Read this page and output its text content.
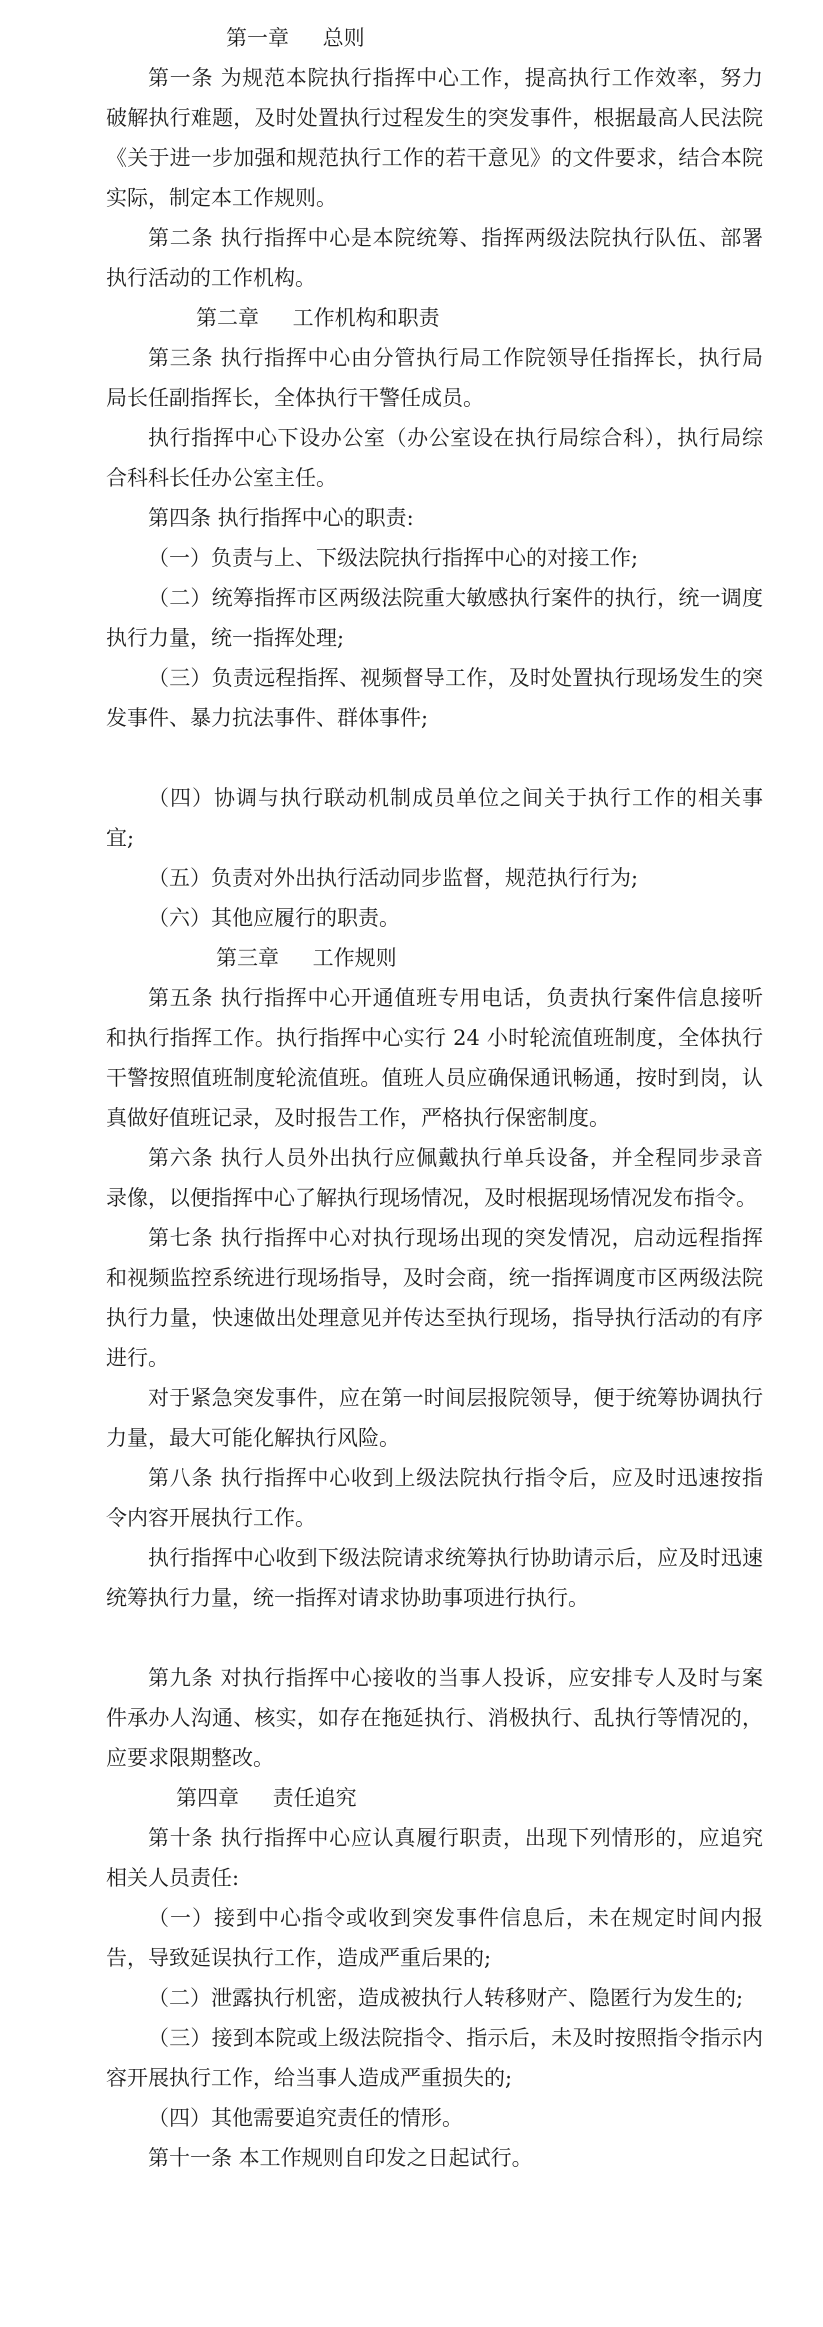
第一章 总则

第一条 为规范本院执行指挥中心工作，提高执行工作效率，努力破解执行难题，及时处置执行过程发生的突发事件，根据最高人民法院《关于进一步加强和规范执行工作的若干意见》的文件要求，结合本院实际，制定本工作规则。

第二条 执行指挥中心是本院统筹、指挥两级法院执行队伍、部署执行活动的工作机构。

第二章 工作机构和职责

第三条 执行指挥中心由分管执行局工作院领导任指挥长，执行局局长任副指挥长，全体执行干警任成员。

执行指挥中心下设办公室（办公室设在执行局综合科），执行局综合科科长任办公室主任。

第四条 执行指挥中心的职责:

（一）负责与上、下级法院执行指挥中心的对接工作;

（二）统筹指挥市区两级法院重大敏感执行案件的执行，统一调度执行力量，统一指挥处理;

（三）负责远程指挥、视频督导工作，及时处置执行现场发生的突发事件、暴力抗法事件、群体事件;

（四）协调与执行联动机制成员单位之间关于执行工作的相关事宜;

（五）负责对外出执行活动同步监督，规范执行行为;

（六）其他应履行的职责。

第三章 工作规则

第五条 执行指挥中心开通值班专用电话，负责执行案件信息接听和执行指挥工作。执行指挥中心实行 24 小时轮流值班制度，全体执行干警按照值班制度轮流值班。值班人员应确保通讯畅通，按时到岗，认真做好值班记录，及时报告工作，严格执行保密制度。

第六条 执行人员外出执行应佩戴执行单兵设备，并全程同步录音录像，以便指挥中心了解执行现场情况，及时根据现场情况发布指令。

第七条 执行指挥中心对执行现场出现的突发情况，启动远程指挥和视频监控系统进行现场指导，及时会商，统一指挥调度市区两级法院执行力量，快速做出处理意见并传达至执行现场，指导执行活动的有序进行。

对于紧急突发事件，应在第一时间层报院领导，便于统筹协调执行力量，最大可能化解执行风险。

第八条 执行指挥中心收到上级法院执行指令后，应及时迅速按指令内容开展执行工作。

执行指挥中心收到下级法院请求统筹执行协助请示后，应及时迅速统筹执行力量，统一指挥对请求协助事项进行执行。

第九条 对执行指挥中心接收的当事人投诉，应安排专人及时与案件承办人沟通、核实，如存在拖延执行、消极执行、乱执行等情况的，应要求限期整改。

第四章 责任追究

第十条 执行指挥中心应认真履行职责，出现下列情形的，应追究相关人员责任:

（一）接到中心指令或收到突发事件信息后，未在规定时间内报告，导致延误执行工作，造成严重后果的;

（二）泄露执行机密，造成被执行人转移财产、隐匿行为发生的;

（三）接到本院或上级法院指令、指示后，未及时按照指令指示内容开展执行工作，给当事人造成严重损失的;

（四）其他需要追究责任的情形。

第十一条 本工作规则自印发之日起试行。
